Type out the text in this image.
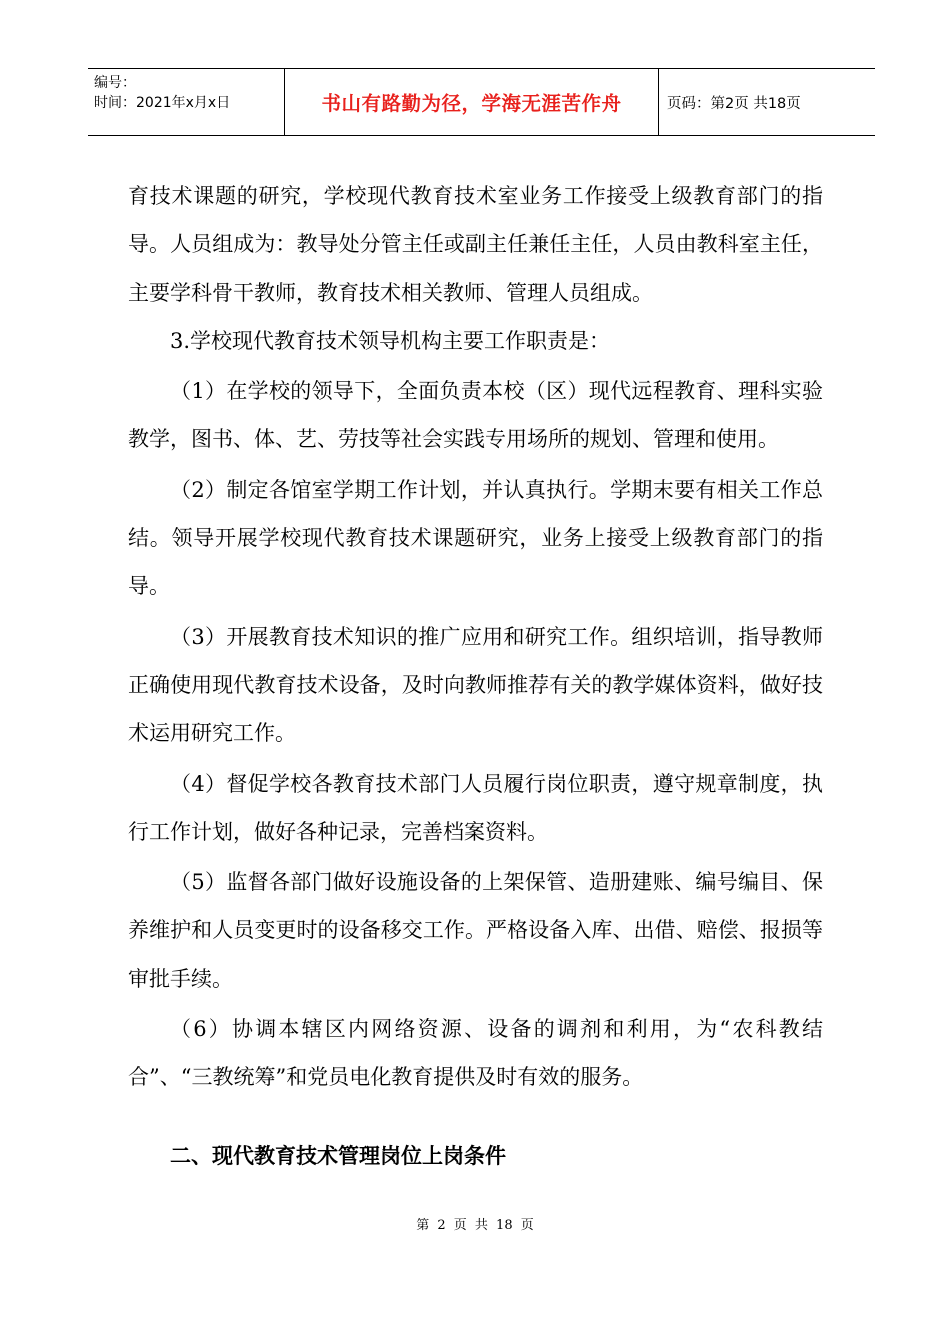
编号：
时间：2021年x月x日	书山有路勤为径，学海无涯苦作舟	页码：第2页 共18页

育技术课题的研究，学校现代教育技术室业务工作接受上级教育部门的指导。人员组成为：教导处分管主任或副主任兼任主任，人员由教科室主任，主要学科骨干教师，教育技术相关教师、管理人员组成。

3.学校现代教育技术领导机构主要工作职责是：

（1）在学校的领导下，全面负责本校（区）现代远程教育、理科实验教学，图书、体、艺、劳技等社会实践专用场所的规划、管理和使用。

（2）制定各馆室学期工作计划，并认真执行。学期末要有相关工作总结。领导开展学校现代教育技术课题研究，业务上接受上级教育部门的指导。

（3）开展教育技术知识的推广应用和研究工作。组织培训，指导教师正确使用现代教育技术设备，及时向教师推荐有关的教学媒体资料，做好技术运用研究工作。

（4）督促学校各教育技术部门人员履行岗位职责，遵守规章制度，执行工作计划，做好各种记录，完善档案资料。

（5）监督各部门做好设施设备的上架保管、造册建账、编号编目、保养维护和人员变更时的设备移交工作。严格设备入库、出借、赔偿、报损等审批手续。

（6）协调本辖区内网络资源、设备的调剂和利用，为“农科教结合”、“三教统筹”和党员电化教育提供及时有效的服务。

二、现代教育技术管理岗位上岗条件
第 2 页 共 18 页
